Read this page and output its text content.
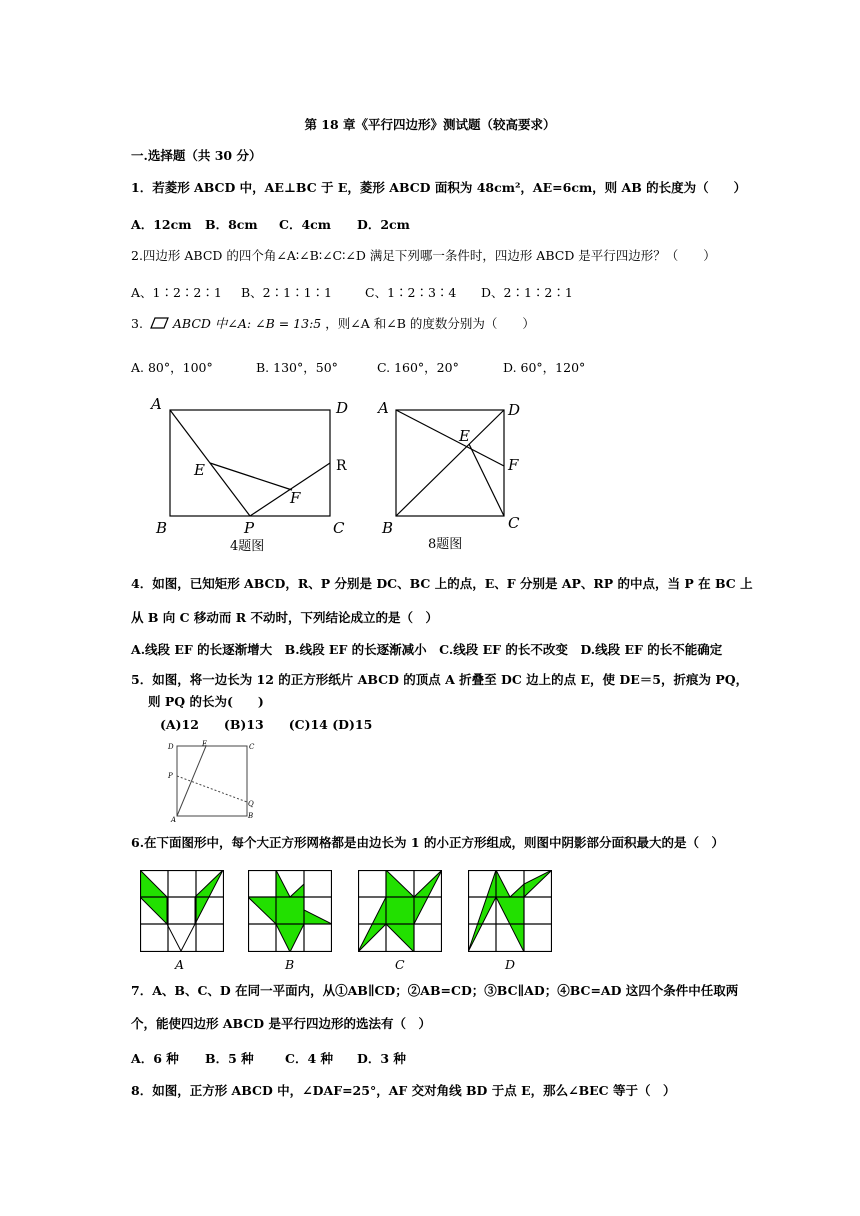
第 18 章《平行四边形》测试题（较高要求）
一.选择题（共 30 分）
1．若菱形 ABCD 中，AE⊥BC 于 E，菱形 ABCD 面积为 48cm²，AE=6cm，则 AB 的长度为（　　）
A．12cm B．8cm C．4cm D．2cm
2.四边形 ABCD 的四个角∠A∶∠B∶∠C∶∠D 满足下列哪一条件时，四边形 ABCD 是平行四边形？（　　）
A、1∶2∶2∶1 B、2∶1∶1∶1	C、1∶2∶3∶4 D、2∶1∶2∶1
3. ABCD 中∠A: ∠B = 13:5 ，则∠A 和∠B 的度数分别为（　　）
A. 80°，100°	B. 130°，50°	C. 160°，20°	D. 60°，120°
A	D
E	R
F
B	P	C
4题图
A	D
E
F
B	C
8题图
4．如图，已知矩形 ABCD，R、P 分别是 DC、BC 上的点，E、F 分别是 AP、RP 的中点，当 P 在 BC 上
从 B 向 C 移动而 R 不动时，下列结论成立的是（　）
A.线段 EF 的长逐渐增大　B.线段 EF 的长逐渐减小　C.线段 EF 的长不改变　D.线段 EF 的长不能确定
5．如图，将一边长为 12 的正方形纸片 ABCD 的顶点 A 折叠至 DC 边上的点 E，使 DE＝5，折痕为 PQ，
则 PQ 的长为(　　)
(A)12　　(B)13　　(C)14 (D)15
D	E	C
P
A
Q
B
6.在下面图形中，每个大正方形网格都是由边长为 1 的小正方形组成，则图中阴影部分面积最大的是（　）
A	B	C	D
7．A、B、C、D 在同一平面内，从①AB∥CD；②AB=CD；③BC∥AD；④BC=AD 这四个条件中任取两
个，能使四边形 ABCD 是平行四边形的选法有（　）
A．6 种 B．5 种	C．4 种 D．3 种
8．如图，正方形 ABCD 中，∠DAF=25°，AF 交对角线 BD 于点 E，那么∠BEC 等于（　）
